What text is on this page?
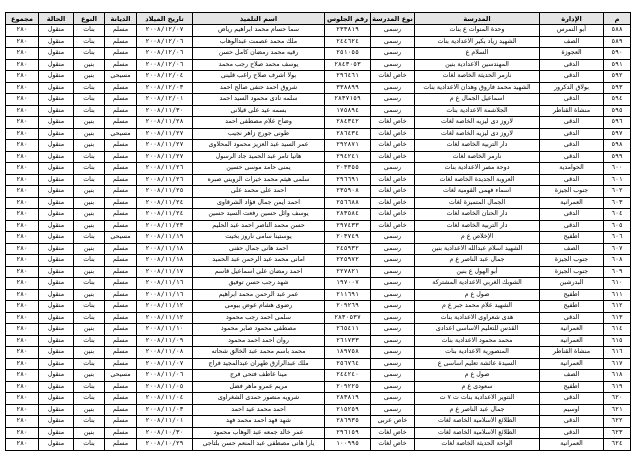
م	الإدارة	المدرسة	نوع المدرسة	رقم الجلوس	اسم التلميذ	تاريخ الميلاد	الديانة	النوع	الحالة	مجموع
٥٨٨	أبو النمرس	وحدة المنوات ع بنات	رسمى	٢٣٣٨١٩	سما حسام محمد ابراهيم رياض	٢٠٠٨/١٢/٠٧	مسلم	بنات	منقول	٢٨٠
٥٨٩	الصف	الشهيد زياد بكير الاعدادية بنات	رسمى	٢٤٤٦٢٤	ملك محمد عصمت عبدالوهاب	٢٠٠٨/١٢/٠٦	مسلم	بنات	منقول	٢٨٠
٥٩٠	العجوزة	السلام ع	رسمى	٢٥١٠٥٥	رقيه محمد رمضان كامل حسن	٢٠٠٨/١٢/٠٦	مسلم	بنات	منقول	٢٨٠
٥٩١	الدقى	المهندسين الاعدادية بنين	رسمى	٢٨٤٣٠٥٣	يوسف محمد صلاح رجب محمد	٢٠٠٨/١٢/٠٦	مسلم	بنين	منقول	٢٨٠
٥٩٢	الدقى	نارمر الحديثة الخاصة لغات	خاص لغات	٢٩٦٤٦١	بولا اشرف صلاح راغب قلينى	٢٠٠٨/١٢/٠٤	مسيحى	بنين	منقول	٢٨٠
٥٩٣	بولاق الدكرور	الشهيد محمد فاروق وهدان الاعدادية بنات	رسمى	٣٣٨٨٩٩	شروق احمد حنفى صالح احمد	٢٠٠٨/١٢/٠٣	مسلم	بنات	منقول	٢٨٠
٥٩٤	الدقى	اسماعيل الجمال ع م	رسمى	٢٨٣٧١٥٩	سلمه نادى محمود السيد احمد	٢٠٠٨/١٢/٠١	مسلم	بنات	منقول	٢٨٠
٥٩٥	منشاة القناطر	الجلاشمة الاعدادية بنات	رسمى	١٧٥٨٩٤	بسمه عيد على قيلانى	٢٠٠٨/١١/٣٠	مسلم	بنات	منقول	٢٨٠
٥٩٦	الدقى	لاروز دى ليزيه الخاصة لغات	خاص لغات	٢٨٤٣٤٢	وضاح علام مصطفى احمد	٢٠٠٨/١١/٢٨	مسلم	بنين	منقول	٢٨٠
٥٩٧	الدقى	لاروز دى ليزيه الخاصة لغات	خاص لغات	٢٨٦٤٣٤	طونى جورج زاهر نجيب	٢٠٠٨/١١/٢٧	مسيحى	بنين	منقول	٢٨٠
٥٩٨	الدقى	دار التربية الخاصة لغات	خاص لغات	٢٩٢٨٧١	عمر السيد عبد العزيز محمود المحلاوى	٢٠٠٨/١١/٢٧	مسلم	بنين	منقول	٢٨٠
٥٩٩	الدقى	نارمر الخاصة لغات	خاص لغات	٢٩٤٢٤١	هانيا تامر عبد الحميد جاد الرسول	٢٠٠٨/١١/٢٧	مسلم	بنات	منقول	٢٨٠
٦٠٠	الحوامدية	دوحة مصر الاعدادية بنات	رسمى	٢٠٣٣٥٥	يمنى حامد موسى حسين	٢٠٠٨/١١/٢٦	مسلم	بنات	منقول	٢٨٠
٦٠١	الدقى	العروبة الجديدة الخاصة لغات	خاص لغات	٢٩٦٦٩١	سلمى هيثم محمد خيرات الرويني صبره	٢٠٠٨/١١/٢٦	مسلم	بنات	منقول	٢٨٠
٦٠٢	جنوب الجيزة	اسماء فهمى القومية لغات	خاص لغات	٢٣٥٩٠٨	احمد على محمد على	٢٠٠٨/١١/٢٥	مسلم	بنين	منقول	٢٨٠
٦٠٣	العمرانية	الجمال المتميزة لغات	خاص لغات	٢٥٦٦٨٨	احمد ايمن جمال فؤاد الشرقاوى	٢٠٠٨/١١/٢٤	مسلم	بنين	منقول	٢٨٠
٦٠٤	الدقى	دار الحنان الخاصة لغات	خاص لغات	٢٨٣٥٨٤	يوسف وائل حسين رفعت السيد حسين	٢٠٠٨/١١/٢٤	مسلم	بنين	منقول	٢٨٠
٦٠٥	الدقى	دار التربية الخاصة لغات	خاص لغات	٢٩٧٤٣٣	حسن محمد الناصر احمد عبد الحليم	٢٠٠٨/١١/٢٣	مسلم	بنين	منقول	٢٨٠
٦٠٦	اطفيح	الإخلاص ع م	رسمى	٢٠٣٧٤٩	يوستينا سامى ناروز بخيت	٢٠٠٨/١١/١٩	مسيحى	بنات	منقول	٢٨٠
٦٠٧	الصف	الشهيد اسلام عبدالله الاعدادية بنين	رسمى	٢٤٥٩٣٢	احمد هانى جمال حفنى	٢٠٠٨/١١/١٨	مسلم	بنين	منقول	٢٨٠
٦٠٨	جنوب الجيزة	جمال عبد الناصر ع م	رسمى	٢٢٥٩٧٢	امانى محمد عبد الرحمن عبد الحميد	٢٠٠٨/١١/١٨	مسلم	بنات	منقول	٢٨٠
٦٠٩	جنوب الجيزة	أبو الهول ع بنين	رسمى	٢٢٧٨٢١	احمد رمضان على اسماعيل قاسم	٢٠٠٨/١١/١٧	مسلم	بنين	منقول	٢٨٠
٦١٠	البدرشين	الشوبك الغربي الاعدادية المشتركة	رسمى	١٩٧٠٠٧	شهد رجب حسن توفيق	٢٠٠٨/١١/١٦	مسلم	بنات	منقول	٢٨٠
٦١١	اطفيح	صول ع م	رسمى	٢١١٦٩١	عمر عبد الرحمن محمد ابراهيم	٢٠٠٨/١١/١٦	مسلم	بنين	منقول	٢٨٠
٦١٢	اطفيح	الشهيد علام محمد جبر ع م	رسمى	٢٠٩٢٦٩	رضوى هشام عوض بيومى	٢٠٠٨/١١/١٢	مسلم	بنات	منقول	٢٨٠
٦١٣	الدقى	هدى شعراوى الاعدادية بنات	رسمى	٢٨٣٠٥٣٧	سلمى احمد رجب محمود	٢٠٠٨/١١/١٢	مسلم	بنات	منقول	٢٨٠
٦١٤	العمرانية	القدس للتعليم الاساسى اعدادى	رسمى	٢٦٥٤١١	مصطفى محمود صابر محمود	٢٠٠٨/١١/١٠	مسلم	بنين	منقول	٢٨٠
٦١٥	العمرانية	محمد محمود الاعدادية بنات	رسمى	٢٦١٧٣٣	روان احمد احمد محمود	٢٠٠٨/١١/٠٩	مسلم	بنات	منقول	٢٨٠
٦١٦	منشاة القناطر	المنصورية الاعدادية بنات	رسمى	١٨٩٧٥٨	محمد باسم محمد عبد الخالق شحاته	٢٠٠٨/١١/٠٨	مسلم	بنين	منقول	٢٨٠
٦١٧	العمرانية	السيدة عائشة تعليم اساسى ع	رسمى	٢٥٦٧٦٤	ملك عبدالرازق طهران عبدالمجيد فراج	٢٠٠٨/١١/٠٧	مسلم	بنات	منقول	٢٨٠
٦١٨	الصف	صول ع م	رسمى	٢٤٤٢٤٠	مينا عاطف فتحى فرج	٢٠٠٨/١١/٠٦	مسيحى	بنين	منقول	٢٨٠
٦١٩	اطفيح	سعودى ع م	رسمى	٢٠٩٢٢٥	مريم عمرو ماهر فضل	٢٠٠٨/١١/٠٥	مسلم	بنات	منقول	٢٨٠
٦٢٠	الدقى	النتوير الاعدادية بنات ت ٧ ت	رسمى	٢٨٣٨١٩	شرويه منصور حمدى الشغراوى	٢٠٠٨/١١/٠٤	مسلم	بنات	منقول	٢٨٠
٦٢١	اوسيم	جمال عبد الناصر ع م	رسمى	٢١٥٢٥٩	احمد محمد عيد احمد	٢٠٠٨/١١/٠٣	مسلم	بنين	منقول	٢٨٠
٦٢٢	الدقى	الطلائع الاسلامية الخاصة لغات	خاص عربى	٢٨٦٩٣٥	شهد فهد احمد محمد فهد	٢٠٠٨/١١/٠١	مسلم	بنات	منقول	٢٨٠
٦٢٣	الدقى	الطلائع الاسلامية الخاصة لغات	خاص لغات	٢٩٦١٥٩	عمر خالد جمعه عبد الوهاب محمود	٢٠٠٨/١٠/٣٠	مسلم	بنين	منقول	٢٨٠
٦٢٤	العمرانية	الواحة الحديثة الخاصة لغات	خاص لغات	١٠٠٩٩٥	يارا هانى مصطفى عبد المنعم حسن بلتاجى	٢٠٠٨/١٠/٢٩	مسلم	بنات	منقول	٢٨٠
